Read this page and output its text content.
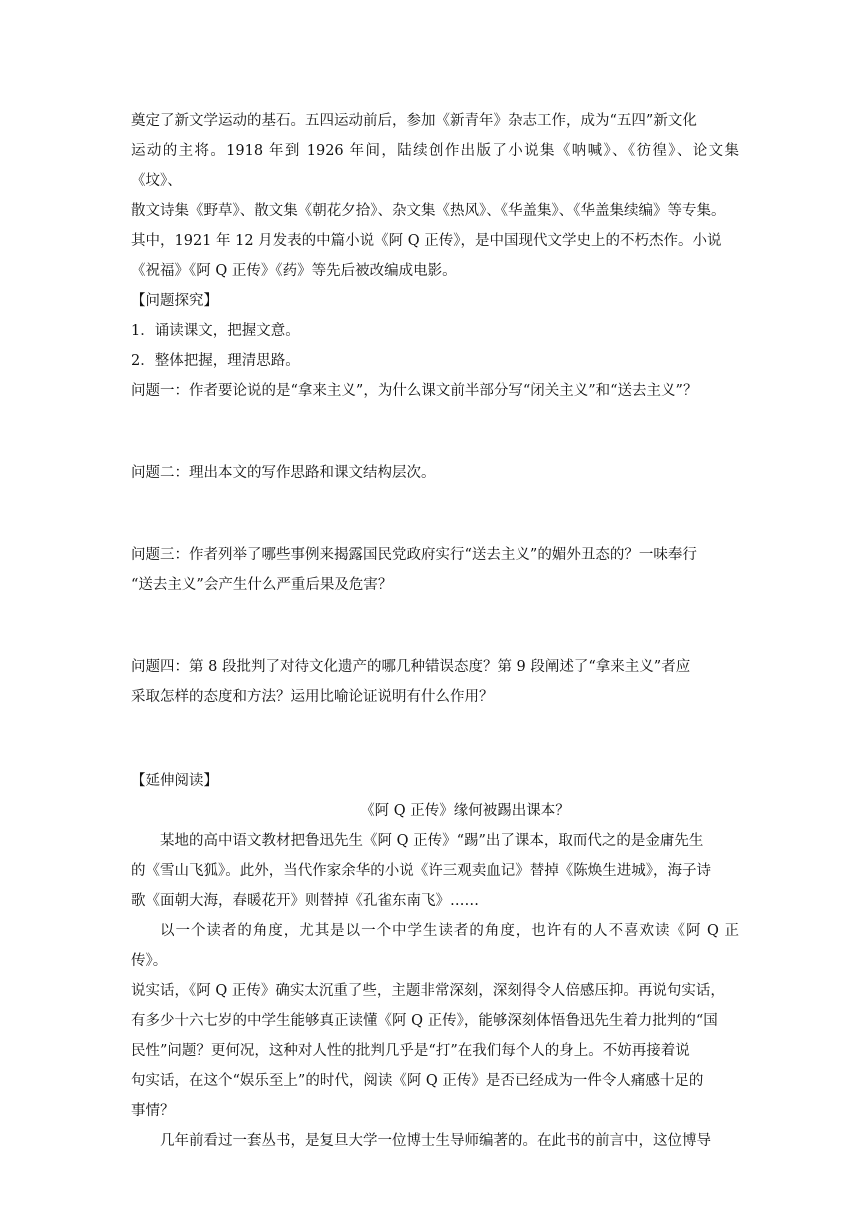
奠定了新文学运动的基石。五四运动前后，参加《新青年》杂志工作，成为“五四”新文化
运动的主将。1918 年到 1926 年间，陆续创作出版了小说集《呐喊》、《彷徨》、论文集《坟》、
散文诗集《野草》、散文集《朝花夕拾》、杂文集《热风》、《华盖集》、《华盖集续编》等专集。
其中，1921 年 12 月发表的中篇小说《阿 Q 正传》，是中国现代文学史上的不朽杰作。小说
《祝福》《阿 Q 正传》《药》等先后被改编成电影。
【问题探究】
1．诵读课文，把握文意。
2．整体把握，理清思路。
问题一：作者要论说的是“拿来主义”，为什么课文前半部分写“闭关主义”和“送去主义”？
问题二：理出本文的写作思路和课文结构层次。
问题三：作者列举了哪些事例来揭露国民党政府实行“送去主义”的媚外丑态的？一味奉行
“送去主义”会产生什么严重后果及危害？
问题四：第 8 段批判了对待文化遗产的哪几种错误态度？第 9 段阐述了“拿来主义”者应
采取怎样的态度和方法？运用比喻论证说明有什么作用？
【延伸阅读】
《阿 Q 正传》缘何被踢出课本？
某地的高中语文教材把鲁迅先生《阿 Q 正传》“踢”出了课本，取而代之的是金庸先生
的《雪山飞狐》。此外，当代作家余华的小说《许三观卖血记》替掉《陈焕生进城》，海子诗
歌《面朝大海，春暖花开》则替掉《孔雀东南飞》……
以一个读者的角度，尤其是以一个中学生读者的角度，也许有的人不喜欢读《阿 Q 正传》。
说实话，《阿 Q 正传》确实太沉重了些，主题非常深刻，深刻得令人倍感压抑。再说句实话，
有多少十六七岁的中学生能够真正读懂《阿 Q 正传》，能够深刻体悟鲁迅先生着力批判的“国
民性”问题？更何况，这种对人性的批判几乎是“打”在我们每个人的身上。不妨再接着说
句实话，在这个“娱乐至上”的时代，阅读《阿 Q 正传》是否已经成为一件令人痛感十足的
事情？
几年前看过一套丛书，是复旦大学一位博士生导师编著的。在此书的前言中，这位博导
